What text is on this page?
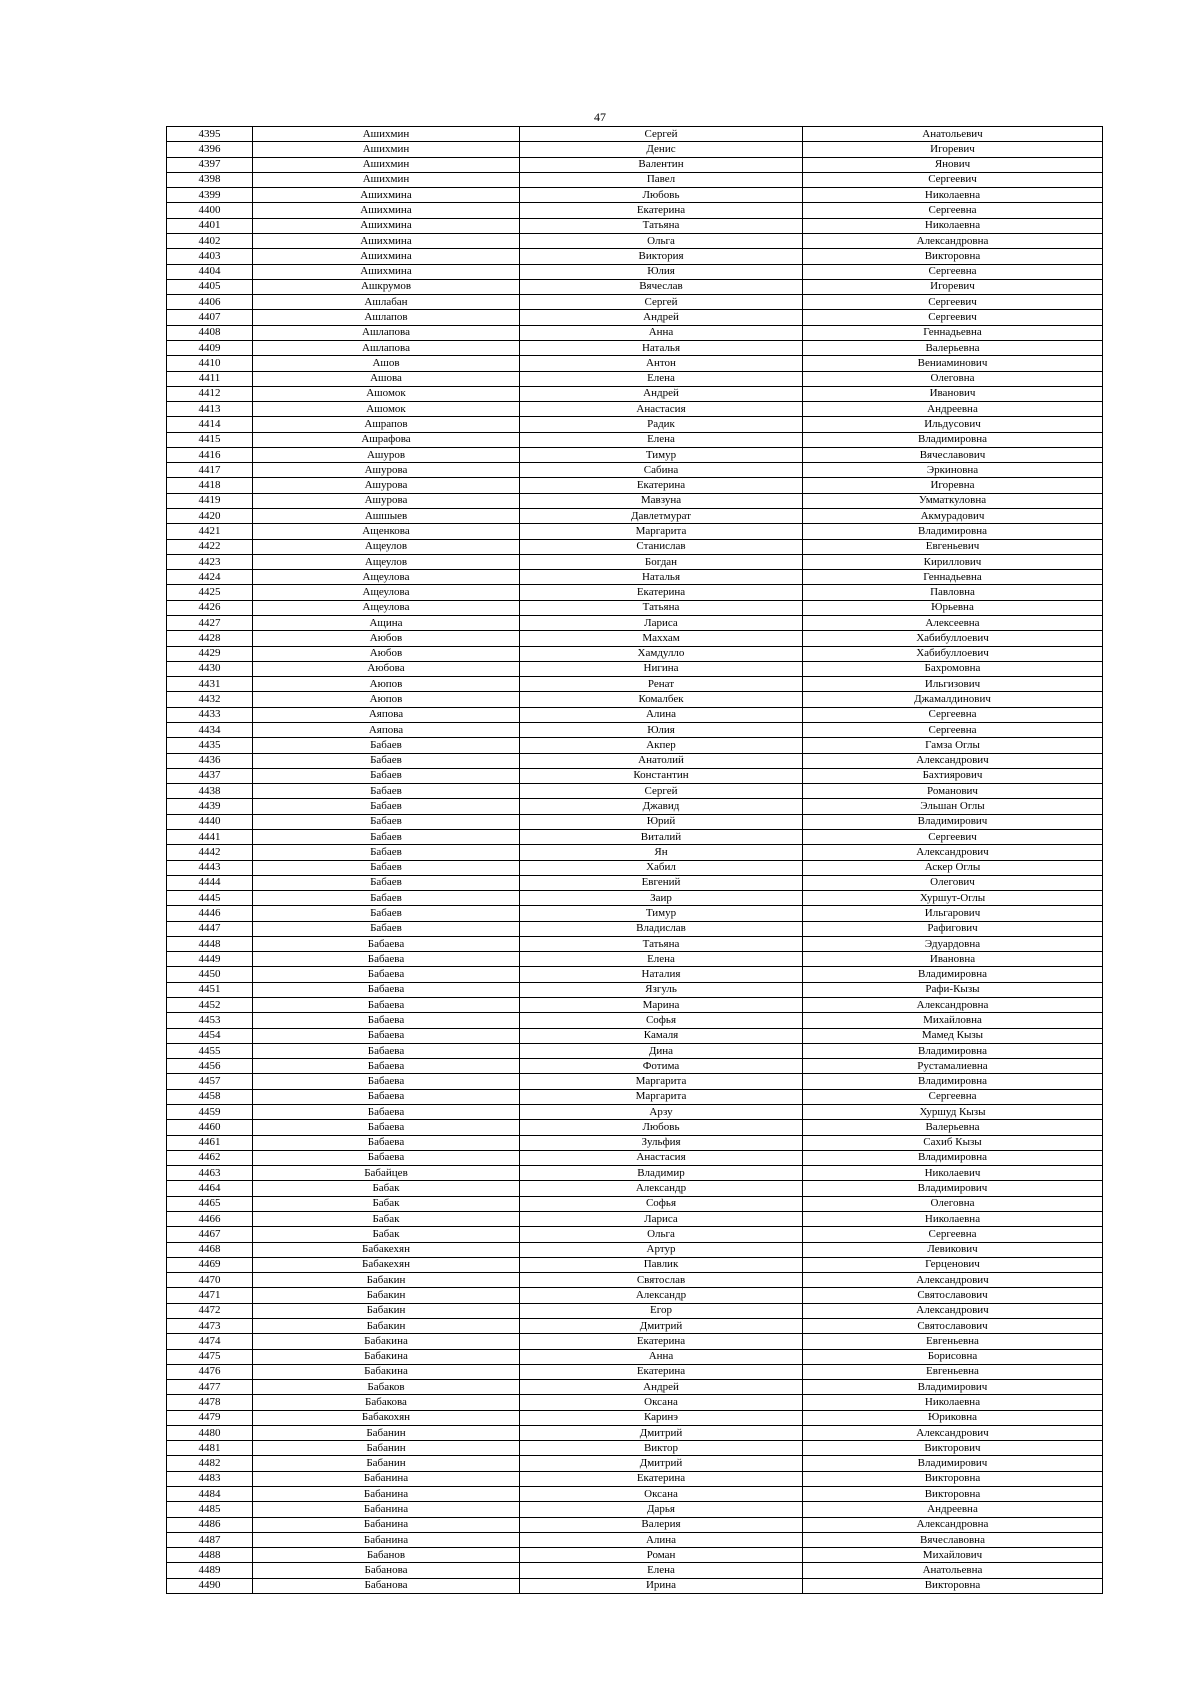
47
4395	Ашихмин	Сергей	Анатольевич
4396	Ашихмин	Денис	Игоревич
4397	Ашихмин	Валентин	Янович
4398	Ашихмин	Павел	Сергеевич
4399	Ашихмина	Любовь	Николаевна
4400	Ашихмина	Екатерина	Сергеевна
4401	Ашихмина	Татьяна	Николаевна
4402	Ашихмина	Ольга	Александровна
4403	Ашихмина	Виктория	Викторовна
4404	Ашихмина	Юлия	Сергеевна
4405	Ашкрумов	Вячеслав	Игоревич
4406	Ашлабан	Сергей	Сергеевич
4407	Ашлапов	Андрей	Сергеевич
4408	Ашлапова	Анна	Геннадьевна
4409	Ашлапова	Наталья	Валерьевна
4410	Ашов	Антон	Вениаминович
4411	Ашова	Елена	Олеговна
4412	Ашомок	Андрей	Иванович
4413	Ашомок	Анастасия	Андреевна
4414	Ашрапов	Радик	Ильдусович
4415	Ашрафова	Елена	Владимировна
4416	Ашуров	Тимур	Вячеславович
4417	Ашурова	Сабина	Эркиновна
4418	Ашурова	Екатерина	Игоревна
4419	Ашурова	Мавзуна	Умматкуловна
4420	Ашшыев	Давлетмурат	Акмурадович
4421	Ащенкова	Маргарита	Владимировна
4422	Ащеулов	Станислав	Евгеньевич
4423	Ащеулов	Богдан	Кириллович
4424	Ащеулова	Наталья	Геннадьевна
4425	Ащеулова	Екатерина	Павловна
4426	Ащеулова	Татьяна	Юрьевна
4427	Ащина	Лариса	Алексеевна
4428	Аюбов	Маххам	Хабибуллоевич
4429	Аюбов	Хамдулло	Хабибуллоевич
4430	Аюбова	Нигина	Бахромовна
4431	Аюпов	Ренат	Ильгизович
4432	Аюпов	Комалбек	Джамалдинович
4433	Аяпова	Алина	Сергеевна
4434	Аяпова	Юлия	Сергеевна
4435	Бабаев	Акпер	Гамза Оглы
4436	Бабаев	Анатолий	Александрович
4437	Бабаев	Константин	Бахтиярович
4438	Бабаев	Сергей	Романович
4439	Бабаев	Джавид	Эльшан Оглы
4440	Бабаев	Юрий	Владимирович
4441	Бабаев	Виталий	Сергеевич
4442	Бабаев	Ян	Александрович
4443	Бабаев	Хабил	Аскер Оглы
4444	Бабаев	Евгений	Олегович
4445	Бабаев	Заир	Хуршут-Оглы
4446	Бабаев	Тимур	Ильгарович
4447	Бабаев	Владислав	Рафигович
4448	Бабаева	Татьяна	Эдуардовна
4449	Бабаева	Елена	Ивановна
4450	Бабаева	Наталия	Владимировна
4451	Бабаева	Язгуль	Рафи-Кызы
4452	Бабаева	Марина	Александровна
4453	Бабаева	Софья	Михайловна
4454	Бабаева	Камаля	Мамед Кызы
4455	Бабаева	Дина	Владимировна
4456	Бабаева	Фотима	Рустамалиевна
4457	Бабаева	Маргарита	Владимировна
4458	Бабаева	Маргарита	Сергеевна
4459	Бабаева	Арзу	Хуршуд Кызы
4460	Бабаева	Любовь	Валерьевна
4461	Бабаева	Зульфия	Сахиб Кызы
4462	Бабаева	Анастасия	Владимировна
4463	Бабайцев	Владимир	Николаевич
4464	Бабак	Александр	Владимирович
4465	Бабак	Софья	Олеговна
4466	Бабак	Лариса	Николаевна
4467	Бабак	Ольга	Сергеевна
4468	Бабакехян	Артур	Левикович
4469	Бабакехян	Павлик	Герценович
4470	Бабакин	Святослав	Александрович
4471	Бабакин	Александр	Святославович
4472	Бабакин	Егор	Александрович
4473	Бабакин	Дмитрий	Святославович
4474	Бабакина	Екатерина	Евгеньевна
4475	Бабакина	Анна	Борисовна
4476	Бабакина	Екатерина	Евгеньевна
4477	Бабаков	Андрей	Владимирович
4478	Бабакова	Оксана	Николаевна
4479	Бабакохян	Каринэ	Юриковна
4480	Бабанин	Дмитрий	Александрович
4481	Бабанин	Виктор	Викторович
4482	Бабанин	Дмитрий	Владимирович
4483	Бабанина	Екатерина	Викторовна
4484	Бабанина	Оксана	Викторовна
4485	Бабанина	Дарья	Андреевна
4486	Бабанина	Валерия	Александровна
4487	Бабанина	Алина	Вячеславовна
4488	Бабанов	Роман	Михайлович
4489	Бабанова	Елена	Анатольевна
4490	Бабанова	Ирина	Викторовна
